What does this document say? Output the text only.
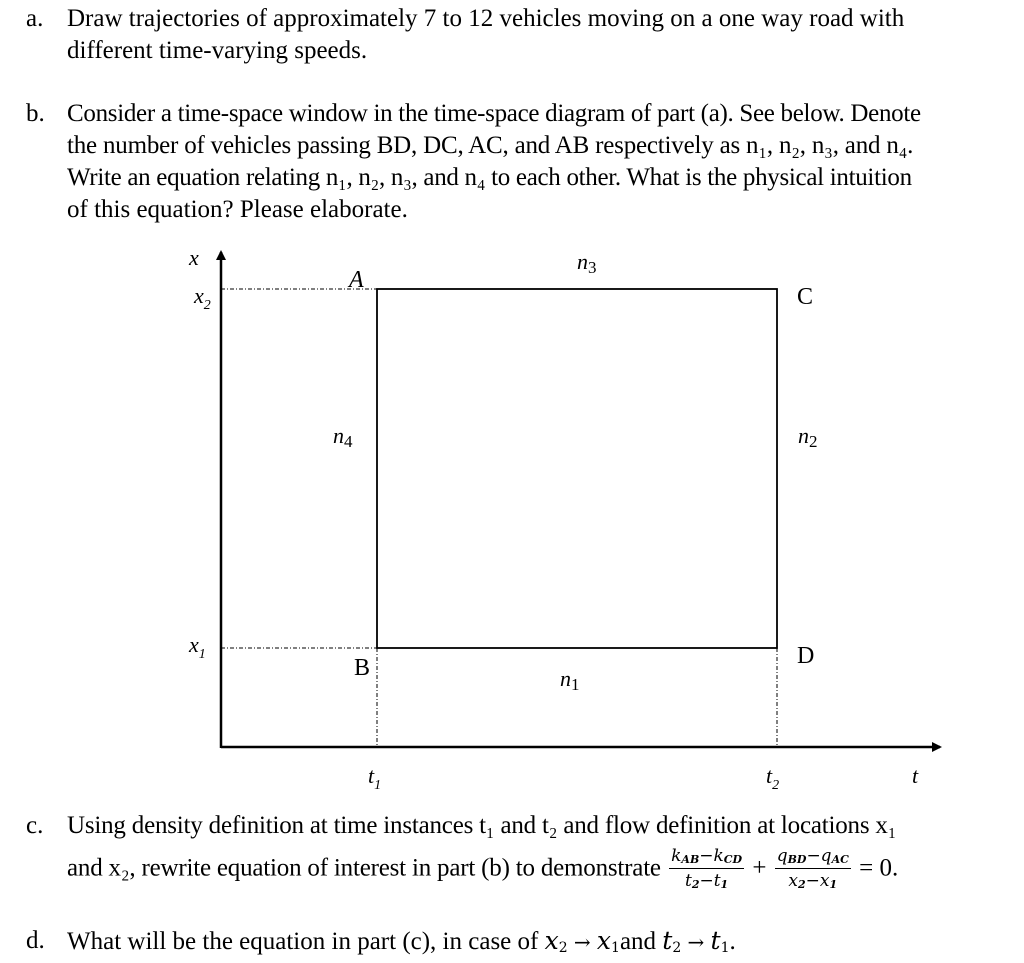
a. Draw trajectories of approximately 7 to 12 vehicles moving on a one way road with
different time-varying speeds.
b. Consider a time-space window in the time-space diagram of part (a). See below. Denote
the number of vehicles passing BD, DC, AC, and AB respectively as n₁, n₂, n₃, and n₄.
Write an equation relating n₁, n₂, n₃, and n₄ to each other. What is the physical intuition
of this equation? Please elaborate.
x
t
$x_2$
$x_1$
$t_1$	$t_2$
A
B
C
D
n3
n4	n2
n1
c. Using density definition at time instances t₁ and t₂ and flow definition at locations x₁
and x₂, rewrite equation of interest in part (b) to demonstrate $\frac{k_{AB}-k_{CD}}{t_2-t_1} + \frac{q_{BD}-q_{AC}}{x_2-x_1} = 0$.
d. What will be the equation in part (c), in case of $x_2 \to x_1and$ $t_2 \to t_1$.
